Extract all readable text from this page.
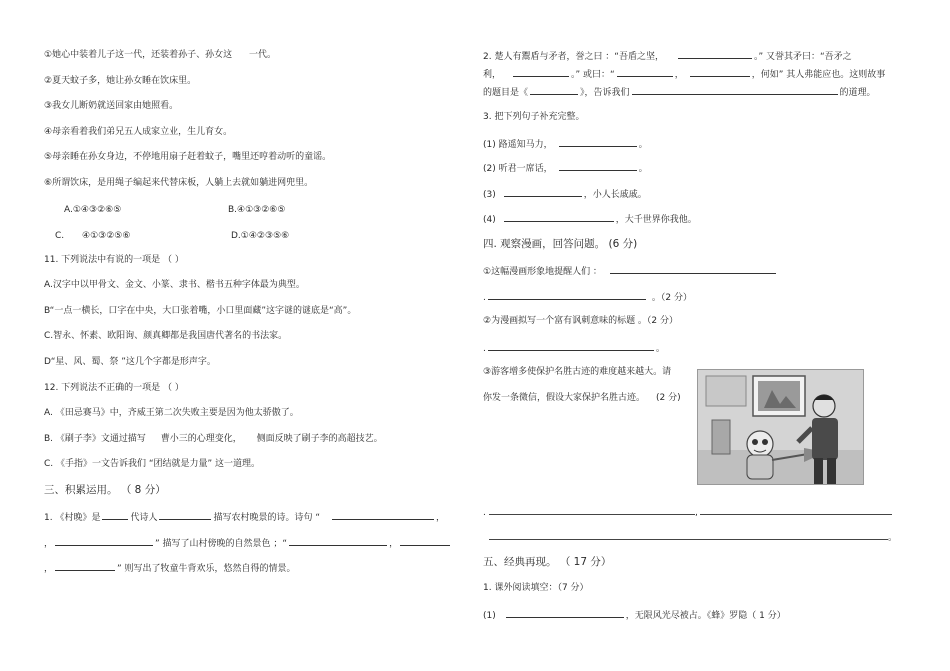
①她心中装着儿子这一代，还装着孙子、孙女这 一代。
②夏天蚊子多，她让孙女睡在饮床里。
③我女儿断奶就送回家由她照看。
④母亲看着我们弟兄五人成家立业，生儿育女。
⑤母亲睡在孙女身边，不停地用扇子赶着蚊子，嘴里还哼着动听的童谣。
⑥所谓饮床，是用绳子编起来代替床板，人躺上去就如躺进网兜里。
A.①④③②⑥⑤	B.④①③②⑥⑤
C. ④①③②⑤⑥	D.①④②③⑤⑥
11. 下列说法中有说的一项是 （ ）
A.汉字中以甲骨文、金文、小篆、隶书、楷书五种字体最为典型。
B“一点一横长，口字在中央，大口张着嘴，小口里面藏”这字谜的谜底是“高”。
C.智永、怀素、欧阳询、颜真卿都是我国唐代著名的书法家。
D“星、风、蜀、祭 ”这几个字都是形声字。
12. 下列说法不正确的一项是 （ ）
A. 《田忌赛马》中，齐威王第二次失败主要是因为他太骄傲了。
B. 《刷子李》文通过描写 曹小三的心理变化， 侧面反映了刷子李的高超技艺。
C. 《手指》一文告诉我们 “团结就是力量” 这一道理。
三、积累运用。 （ 8 分）
1. 《村晚》是	代诗人	描写农村晚景的诗。诗句 “	，
，	” 描写了山村傍晚的自然景色 ；“	，
，	” 则写出了牧童牛背欢乐，悠然自得的情景。
2. 楚人有鬻盾与矛者，誉之曰 ：“吾盾之坚，	。” 又誉其矛曰：“吾矛之
利，	。” 或曰：“	，	，何如” 其人弗能应也。这则故事
的题目是《	》，告诉我们	的道理。
3. 把下列句子补充完整。
(1) 路遥知马力，	。
(2) 听君一席话，	。
(3)	，小人长戚戚。
(4)	，大千世界你我他。
四. 观察漫画，回答问题。 (6 分)
①这幅漫画形象地提醒人们 ：
.	。（2 分）
②为漫画拟写一个富有讽刺意味的标题 。（2 分）
.	。
③游客增多使保护名胜古迹的难度越来越大。请
你发一条微信，假设大家保护名胜古迹。 (2 分)
.	,
。
五、经典再现。 （ 17 分）
1. 课外阅读填空：（7 分）
(1)	，无限风光尽被占。《蜂》罗隐（ 1 分）
